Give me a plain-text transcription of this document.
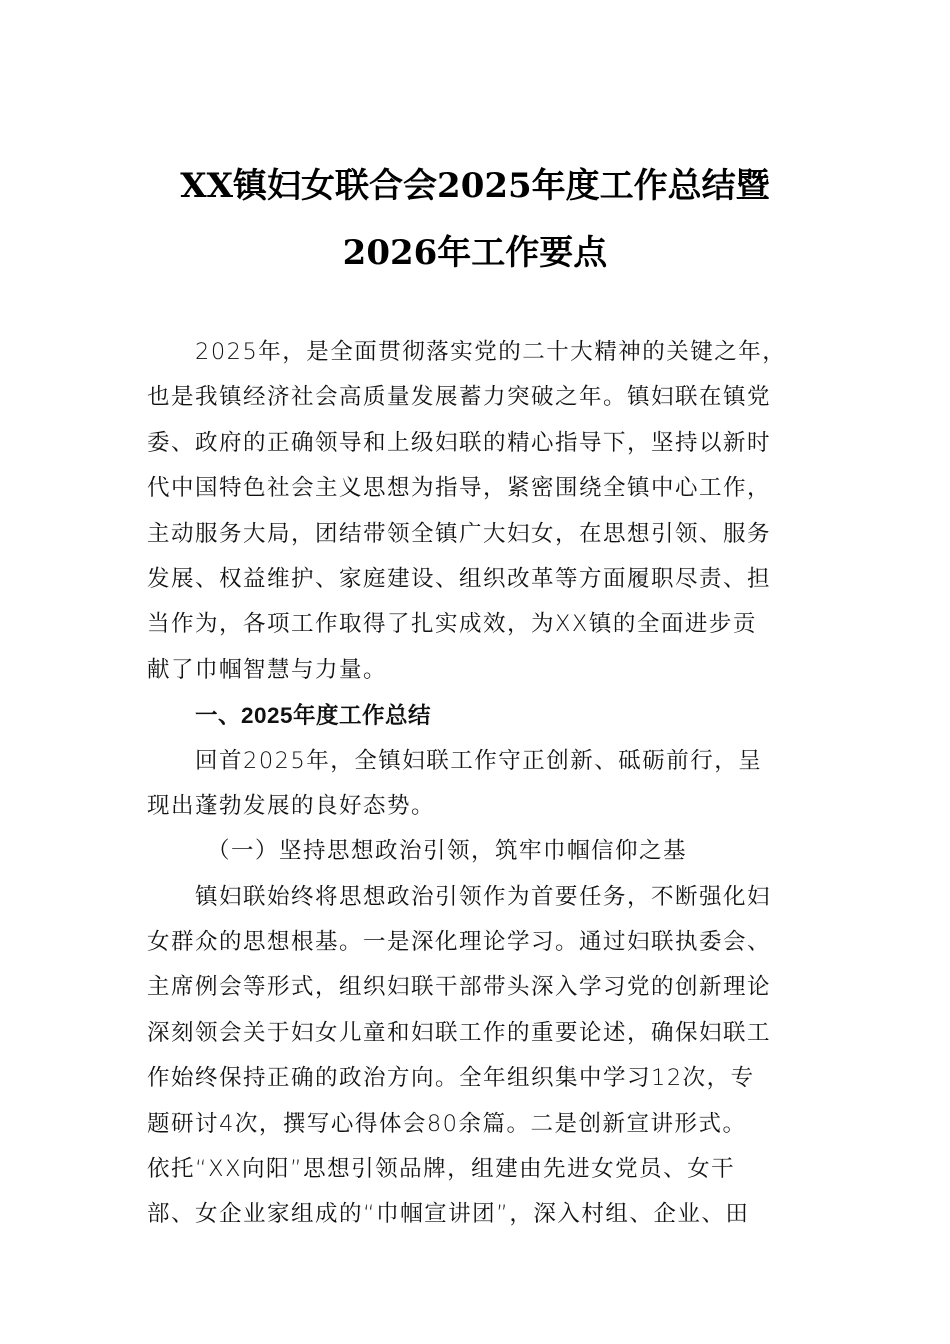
XX镇妇女联合会2025年度工作总结暨
2026年工作要点
2025年，是全面贯彻落实党的二十大精神的关键之年，
也是我镇经济社会高质量发展蓄力突破之年。镇妇联在镇党
委、政府的正确领导和上级妇联的精心指导下，坚持以新时
代中国特色社会主义思想为指导，紧密围绕全镇中心工作，
主动服务大局，团结带领全镇广大妇女，在思想引领、服务
发展、权益维护、家庭建设、组织改革等方面履职尽责、担
当作为，各项工作取得了扎实成效，为XX镇的全面进步贡
献了巾帼智慧与力量。
一、2025年度工作总结
回首2025年，全镇妇联工作守正创新、砥砺前行，呈
现出蓬勃发展的良好态势。
（一）坚持思想政治引领，筑牢巾帼信仰之基
镇妇联始终将思想政治引领作为首要任务，不断强化妇
女群众的思想根基。一是深化理论学习。通过妇联执委会、
主席例会等形式，组织妇联干部带头深入学习党的创新理论
深刻领会关于妇女儿童和妇联工作的重要论述，确保妇联工
作始终保持正确的政治方向。全年组织集中学习12次，专
题研讨4次，撰写心得体会80余篇。二是创新宣讲形式。
依托“XX向阳”思想引领品牌，组建由先进女党员、女干
部、女企业家组成的“巾帼宣讲团”，深入村组、企业、田
